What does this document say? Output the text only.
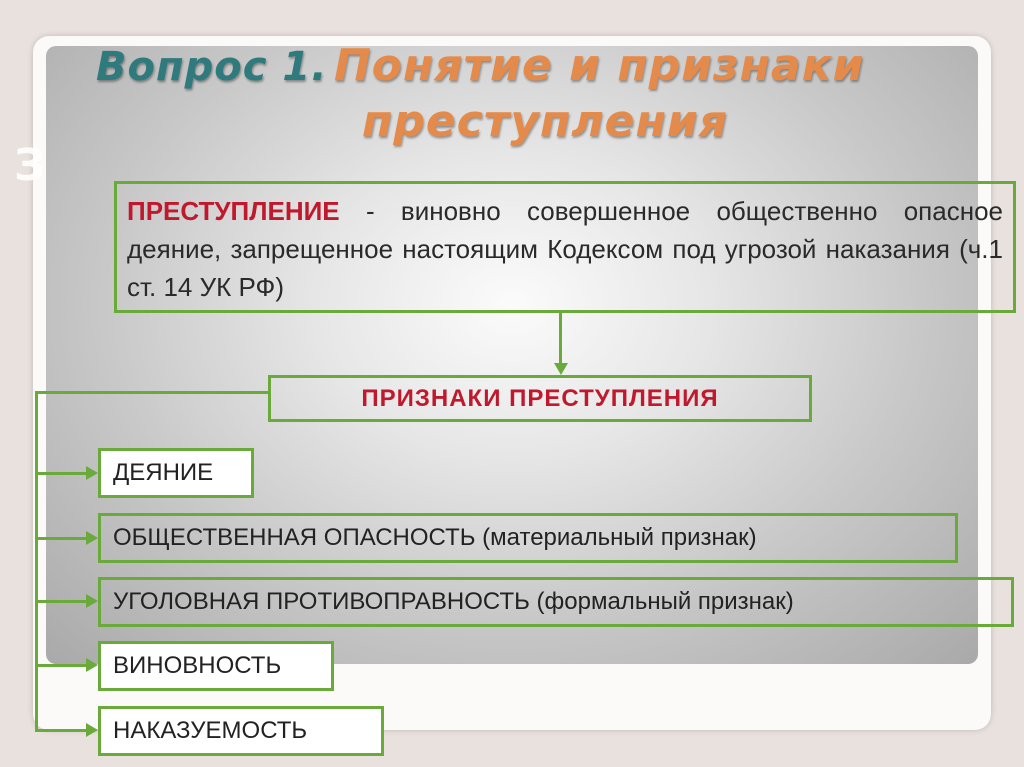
З
Вопрос 1. Понятие и признаки
преступления
ПРЕСТУПЛЕНИЕ - виновно совершенное общественно опасное деяние, запрещенное настоящим Кодексом под угрозой наказания (ч.1 ст. 14 УК РФ)
ПРИЗНАКИ ПРЕСТУПЛЕНИЯ
ДЕЯНИЕ
ОБЩЕСТВЕННАЯ ОПАСНОСТЬ (материальный признак)
УГОЛОВНАЯ ПРОТИВОПРАВНОСТЬ (формальный признак)
ВИНОВНОСТЬ
НАКАЗУЕМОСТЬ
